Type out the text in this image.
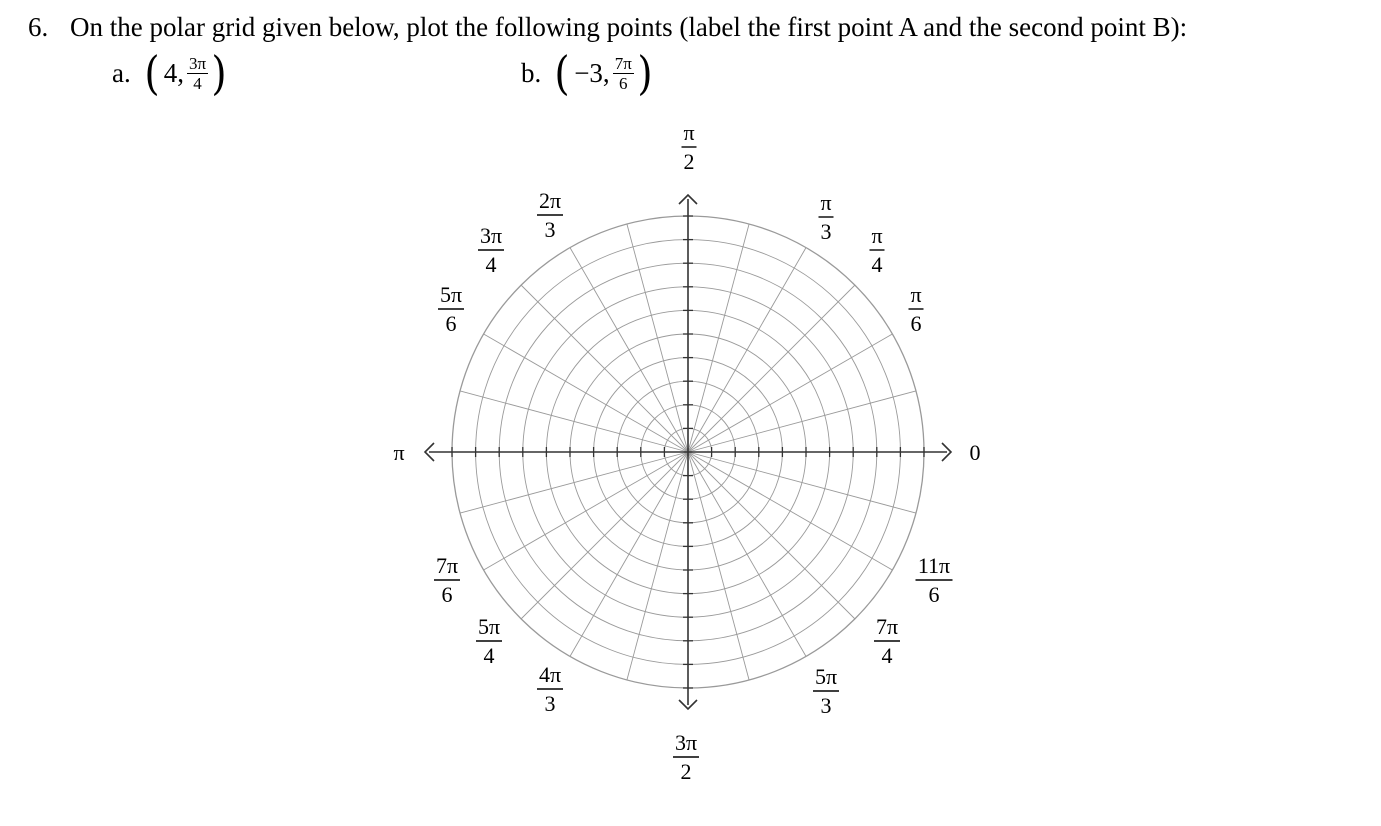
6. On the polar grid given below, plot the following points (label the first point A and the second point B):
a. ( 4, $\frac{3\pi}{4}$ )	b. ( −3, $\frac{7\pi}{6}$ )
0
π
6
π
4
π
3
π
2
2π
3
3π
4
5π
6
π
7π
6
5π
4
4π
3
3π
2
5π
3
7π
4
11π
6
